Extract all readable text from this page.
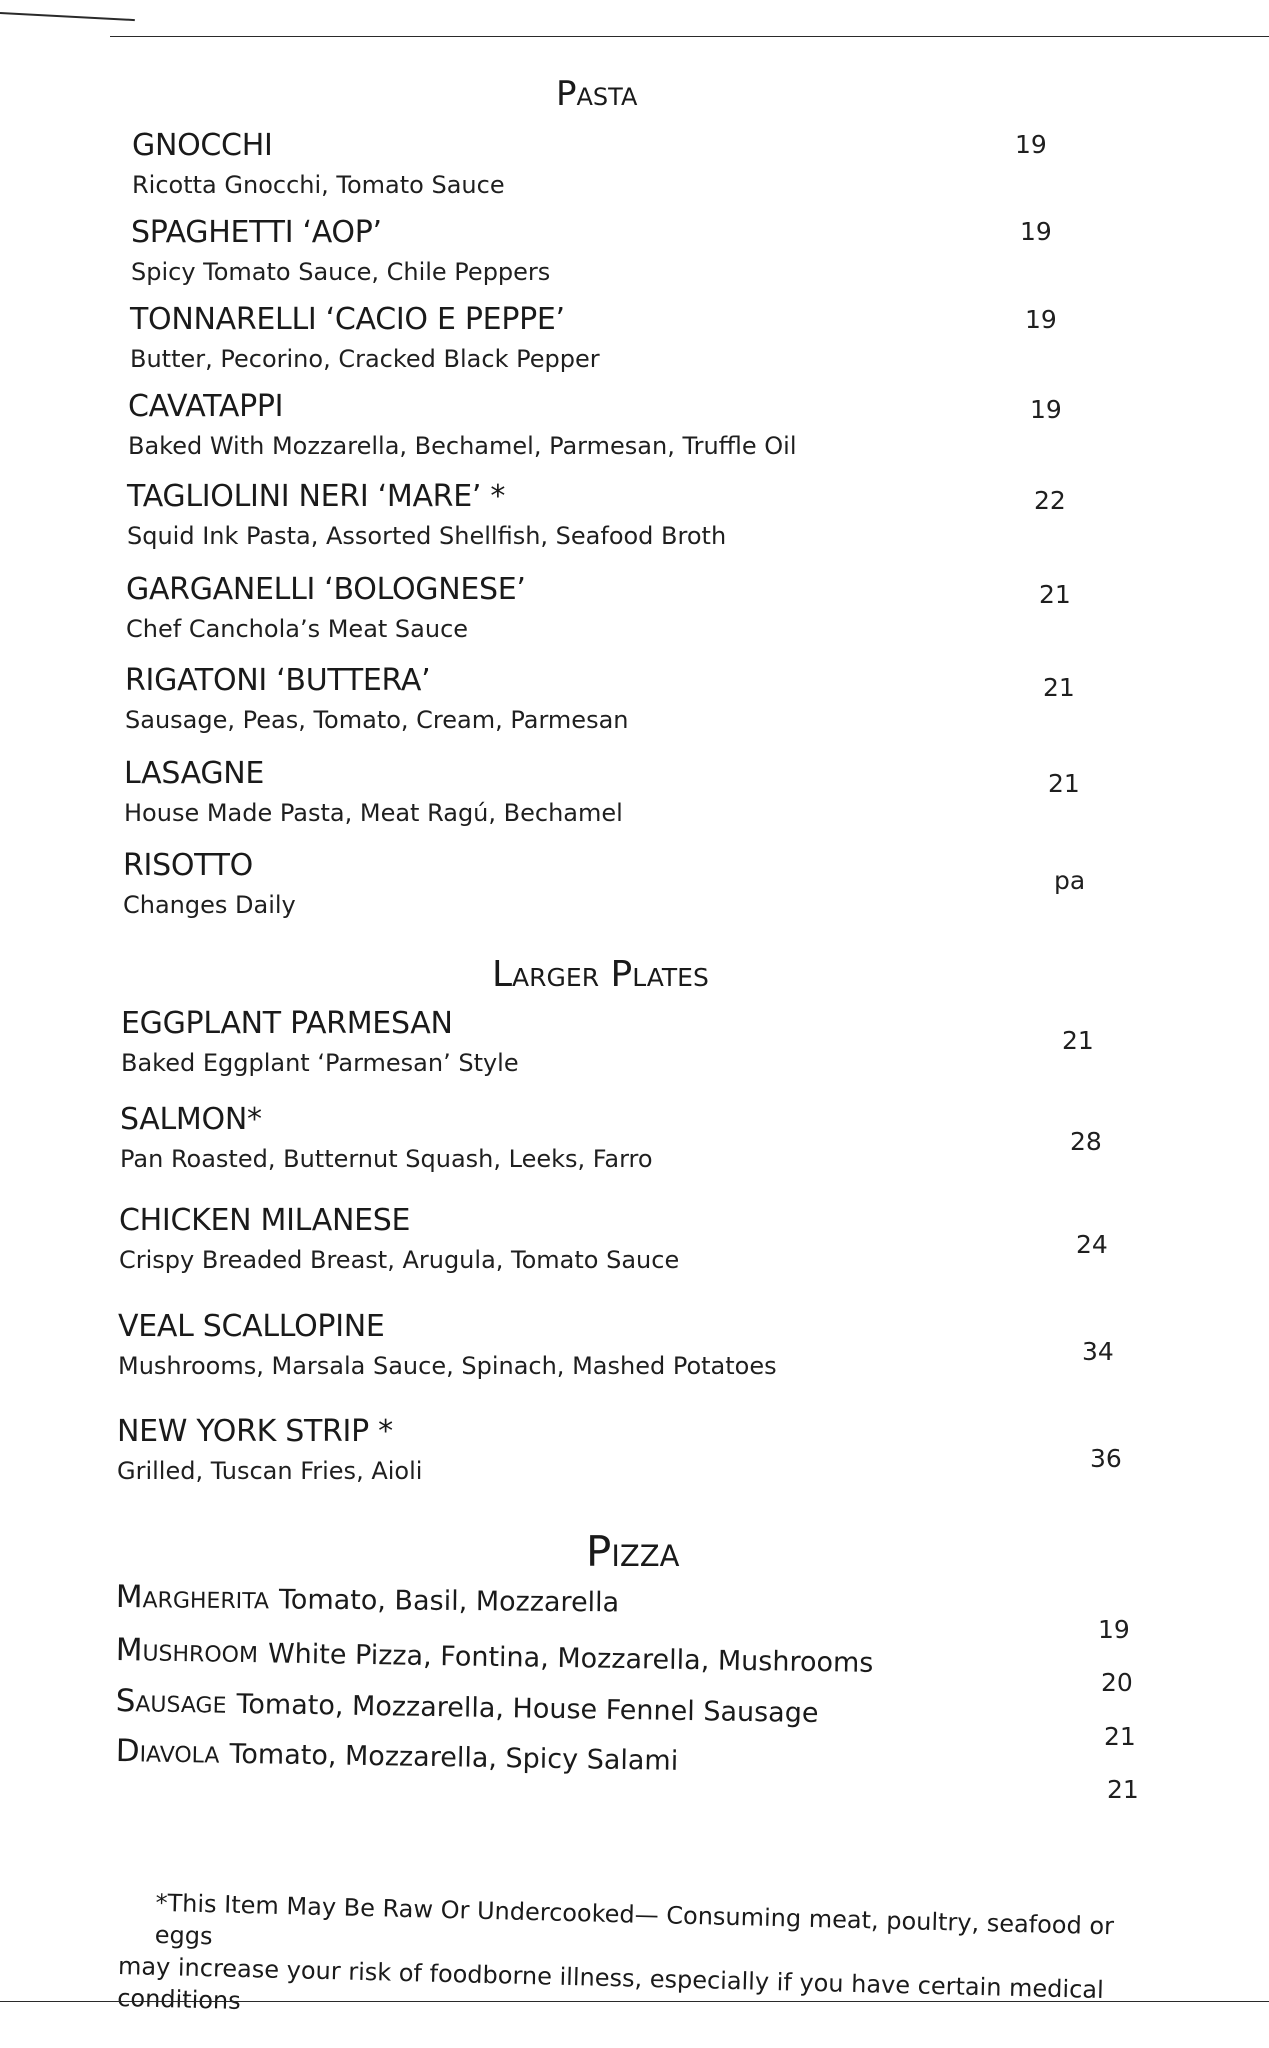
Pasta
GNOCCHI
Ricotta Gnocchi, Tomato Sauce
19
SPAGHETTI ‘AOP’
Spicy Tomato Sauce, Chile Peppers
19
TONNARELLI ‘CACIO E PEPPE’
Butter, Pecorino, Cracked Black Pepper
19
CAVATAPPI
Baked With Mozzarella, Bechamel, Parmesan, Truffle Oil
19
TAGLIOLINI NERI ‘MARE’ *
Squid Ink Pasta, Assorted Shellfish, Seafood Broth
22
GARGANELLI ‘BOLOGNESE’
Chef Canchola’s Meat Sauce
21
RIGATONI ‘BUTTERA’
Sausage, Peas, Tomato, Cream, Parmesan
21
LASAGNE
House Made Pasta, Meat Ragú, Bechamel
21
RISOTTO
Changes Daily
pa
Larger Plates
EGGPLANT PARMESAN
Baked Eggplant ‘Parmesan’ Style
21
SALMON*
Pan Roasted, Butternut Squash, Leeks, Farro
28
CHICKEN MILANESE
Crispy Breaded Breast, Arugula, Tomato Sauce
24
VEAL SCALLOPINE
Mushrooms, Marsala Sauce, Spinach, Mashed Potatoes	34
NEW YORK STRIP *
Grilled, Tuscan Fries, Aioli	36
Pizza
Margherita Tomato, Basil, Mozzarella
Mushroom White Pizza, Fontina, Mozzarella, Mushrooms
Sausage Tomato, Mozzarella, House Fennel Sausage
Diavola Tomato, Mozzarella, Spicy Salami
19
20
21
21
*This Item May Be Raw Or Undercooked— Consuming meat, poultry, seafood or eggs
may increase your risk of foodborne illness, especially if you have certain medical conditions
